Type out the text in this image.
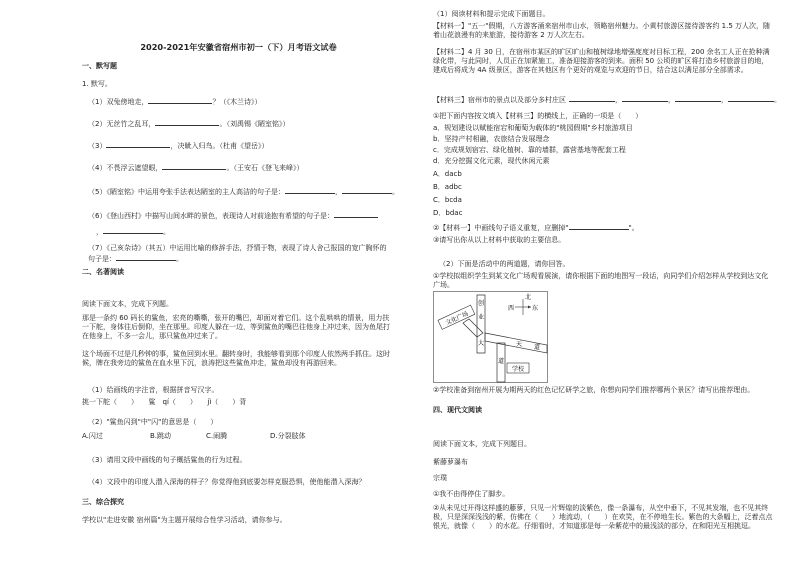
2020-2021年安徽省宿州市初一（下）月考语文试卷
一、默写题
1. 默写。
（1）双兔傍地走，	？（《木兰诗》）
（2）无丝竹之乱耳，	。（刘禹锡《陋室铭》）
（3）	，决眦入归鸟。（杜甫《望岳》）
（4）不畏浮云遮望眼，	。（王安石《登飞来峰》）
（5）《陋室铭》中运用夸张手法表达陋室的主人高洁的句子是：	，	。
（6）《登山西村》中描写山间水畔的景色，表现诗人对前途抱有希望的句子是：
，	。
（7）《己亥杂诗》（其五）中运用比喻的修辞手法，抒情于物，表现了诗人舍己报国的宽广胸怀的句子是：	。
二、名著阅读
阅读下面文本，完成下列题。
那是一条约 60 码长的鲨鱼，宏亮的嘶嘶，张开的嘴巴，却面对着它们。这个乱哄哄的情景，用力扶一下舵，身体往后倒仰，坐在那里。印度人躲在一边，等到鲨鱼的嘴巴往他身上冲过来，因为鱼尾打在他身上，不多一会儿，那只鲨鱼冲过来了。
这个场面不过是几秒钟的事，鲨鱼回到水里。翻转身时，我能够看到那个印度人依然两手抓住。这时候，牌在我旁边的鲨鱼在血水里下沉，浪涛把这些鲨鱼冲走，鲨鱼却没有再游回来。
（1）给画线的字注音，根据拼音写汉字。
挑一下舵（　　）　　鲨　qí（　　）　　jì（　　）背
（2）"鲨鱼闪到"中"闪"的意思是（　　）
A.闪过	B.跳动	C.闹腾	D.分裂肢体
（3）请用文段中画线的句子概括鲨鱼的行为过程。
（4）文段中的印度人潜入深海的样子？你觉得他到底要怎样克服恐惧，使他能潜入深海？
三、综合探究
学校以"走进安徽 宿州篇"为主题开展综合性学习活动，请你参与。
（1）阅读材料和提示完成下面题目。
【材料一】"五一"假期，八方游客涌来宿州市山水，领略宿州魅力。小黄村旅游区接待游客约 1.5 万人次，随着山花浪漫有的来旅游，接待游客 2 万人次左右。
【材料二】4 月 30 日，在宿州市某区的旷区旷山和植树绿地增强度度对目标工程，200 余名工人正在抢种满绿化带，与此同时，人员正在加紧施工，准备迎接游客的到来。面积 50 公顷的旷区将打造乡村旅游目的地，建成后将成为 4A 级景区，游客在其他区有个更好的观览与欢迎的节日，结合这以满足部分全部需求。
【材料三】宿州市的景点以及部分多村庄区	，	，	，	。
①把下面内容按文填入【材料三】的横线上，正确的一项是（　　）
a．规划建设以赋能宿宕和葡萄为载体的"桃园假期"乡村旅游项目
b．坚持产村相融，农旅结合发展理念
c．完成规划宿宕、绿化植树、靠的墙群，露营基地等配套工程
d．充分挖掘文化元素，现代休闲元素
A．dacb
B．adbc
C．bcda
D．bdac
②【材料一】中画线句子语义重复，应删掉"	"。
③请写出你从以上材料中获取的主要信息。
（2）下面是活动中的两道题，请你回答。
①学校拟组织学生到某文化广场观看展演，请你根据下面的地图写一段话，向同学们介绍怎样从学校到达文化广场。
文化广场
创
业
大
道
天 道
学校
北
西	东
②学校准备到宿州开展为期两天的红色记忆研学之旅，你想向同学们推荐哪两个景区？请写出推荐理由。
四、现代文阅读
阅读下面文本，完成下列题目。
紫藤萝瀑布
宗璞
①我不由得停住了脚步。
②从未见过开得这样盛的藤萝，只见一片辉煌的淡紫色，像一条瀑布，从空中垂下，不见其发端，也不见其终极，只是深深浅浅的紫，仿佛在（　　）地流动，（　　）在欢笑，在不停地生长。紫色的大条幅上，泛着点点银光，就像（　　）的水花。仔细看时，才知道那是每一朵紫花中的最浅淡的部分，在和阳光互相挑逗。
